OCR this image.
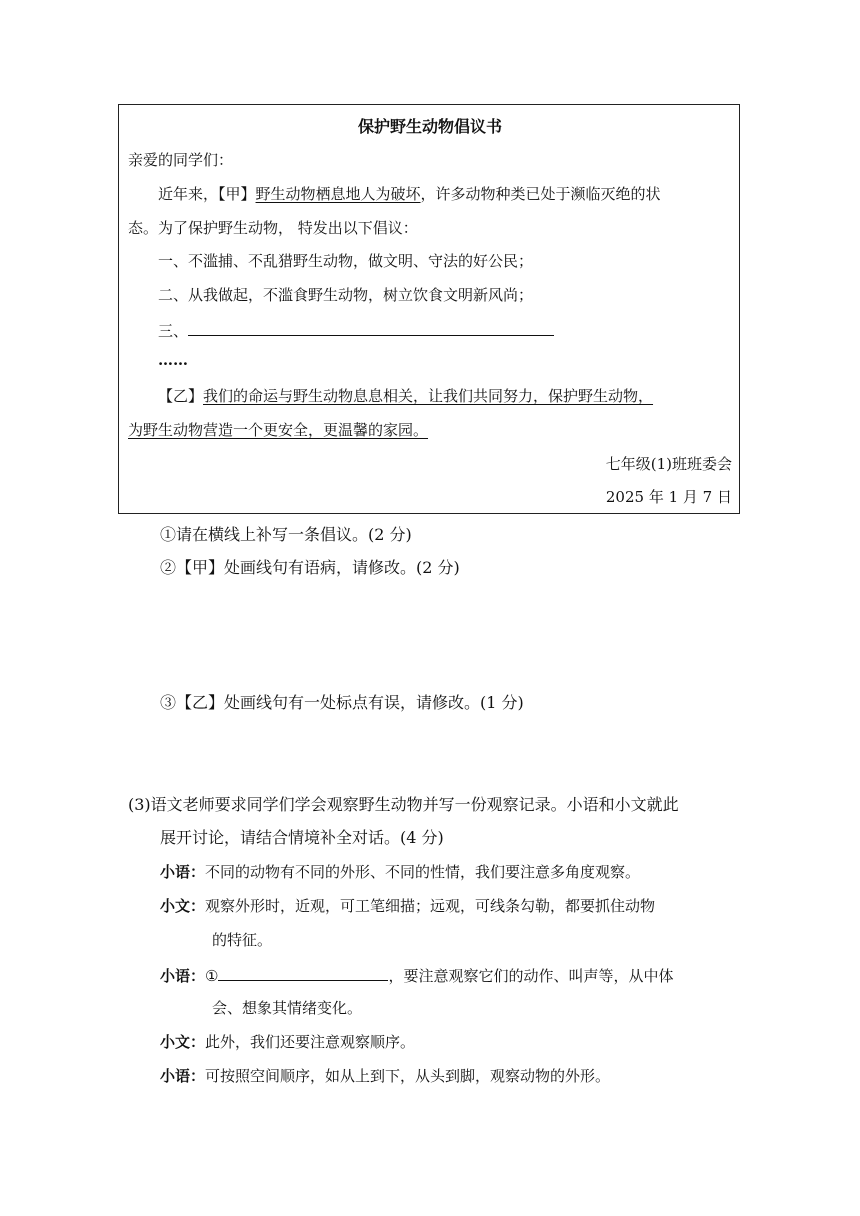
保护野生动物倡议书
亲爱的同学们：
近年来，【甲】野生动物栖息地人为破坏，许多动物种类已处于濒临灭绝的状
态。为了保护野生动物， 特发出以下倡议：
一、不滥捕、不乱猎野生动物，做文明、守法的好公民；
二、从我做起，不滥食野生动物，树立饮食文明新风尚；
三、
……
【乙】我们的命运与野生动物息息相关，让我们共同努力，保护野生动物，
为野生动物营造一个更安全，更温馨的家园。
七年级(1)班班委会
2025 年 1 月 7 日
①请在横线上补写一条倡议。(2 分)
②【甲】处画线句有语病，请修改。(2 分)
③【乙】处画线句有一处标点有误，请修改。(1 分)
(3)语文老师要求同学们学会观察野生动物并写一份观察记录。小语和小文就此
展开讨论，请结合情境补全对话。(4 分)
小语：不同的动物有不同的外形、不同的性情，我们要注意多角度观察。
小文：观察外形时，近观，可工笔细描；远观，可线条勾勒，都要抓住动物
的特征。
小语：①	，要注意观察它们的动作、叫声等，从中体
会、想象其情绪变化。
小文：此外，我们还要注意观察顺序。
小语：可按照空间顺序，如从上到下，从头到脚，观察动物的外形。
